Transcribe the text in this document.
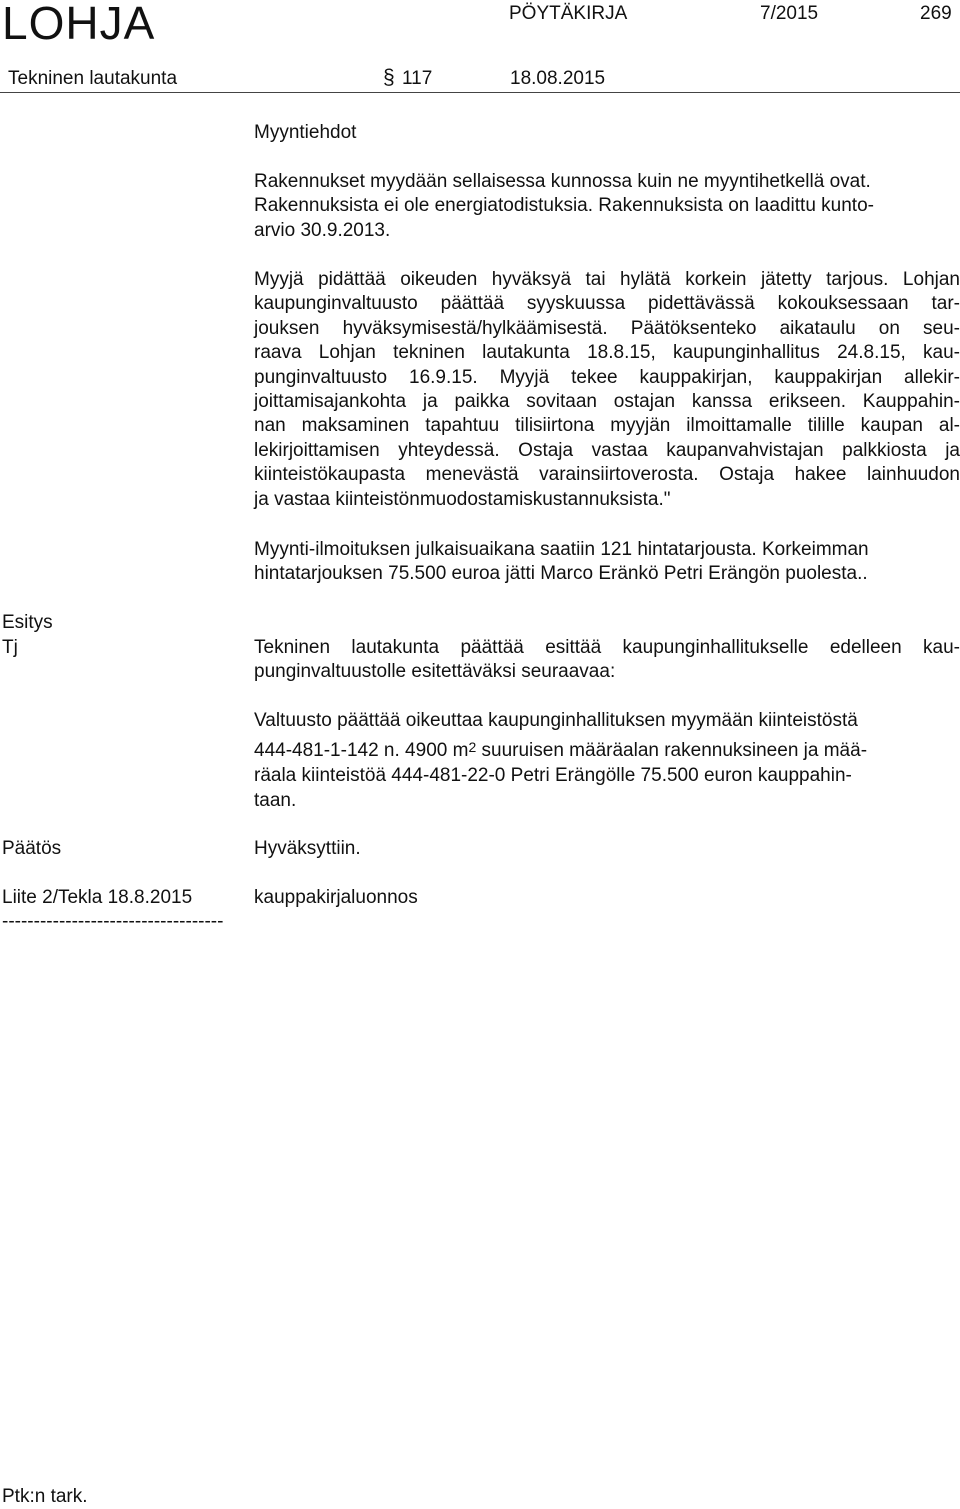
LOHJA	PÖYTÄKIRJA	7/2015	269
Tekninen lautakunta	§ 117	18.08.2015
Myyntiehdot
Rakennukset myydään sellaisessa kunnossa kuin ne myyntihetkellä ovat.
Rakennuksista ei ole energiatodistuksia. Rakennuksista on laadittu kunto-
arvio 30.9.2013.
Myyjä pidättää oikeuden hyväksyä tai hylätä korkein jätetty tarjous. Lohjan
kaupunginvaltuusto päättää syyskuussa pidettävässä kokouksessaan tar-
jouksen hyväksymisestä/hylkäämisestä. Päätöksenteko aikataulu on seu-
raava Lohjan tekninen lautakunta 18.8.15, kaupunginhallitus 24.8.15, kau-
punginvaltuusto 16.9.15. Myyjä tekee kauppakirjan, kauppakirjan allekir-
joittamisajankohta ja paikka sovitaan ostajan kanssa erikseen. Kauppahin-
nan maksaminen tapahtuu tilisiirtona myyjän ilmoittamalle tilille kaupan al-
lekirjoittamisen yhteydessä. Ostaja vastaa kaupanvahvistajan palkkiosta ja
kiinteistökaupasta menevästä varainsiirtoverosta. Ostaja hakee lainhuudon
ja vastaa kiinteistönmuodostamiskustannuksista."
Myynti-ilmoituksen julkaisuaikana saatiin 121 hintatarjousta. Korkeimman
hintatarjouksen 75.500 euroa jätti Marco Eränkö Petri Erängön puolesta..
Esitys
Tj	Tekninen lautakunta päättää esittää kaupunginhallitukselle edelleen kau-
punginvaltuustolle esitettäväksi seuraavaa:
Valtuusto päättää oikeuttaa kaupunginhallituksen myymään kiinteistöstä
444-481-1-142 n. 4900 $m^2$ suuruisen määräalan rakennuksineen ja mää-
räala kiinteistöä 444-481-22-0 Petri Erängölle 75.500 euron kauppahin-
taan.
Päätös	Hyväksyttiin.
Liite 2/Tekla 18.8.2015	kauppakirjaluonnos
-----------------------------------
Ptk:n tark.
